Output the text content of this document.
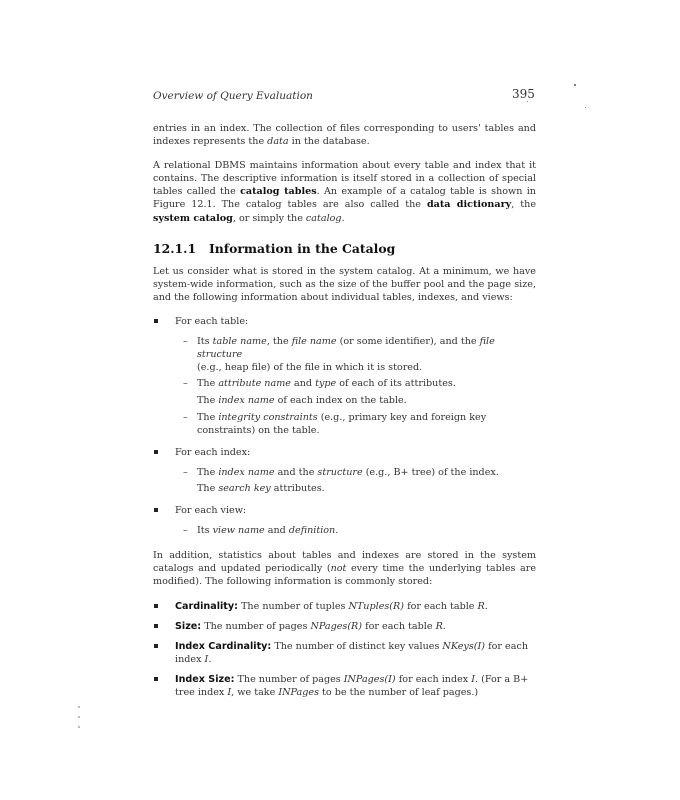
Overview of Query Evaluation	395

entries in an index. The collection of files corresponding to users' tables and indexes represents the data in the database.

A relational DBMS maintains information about every table and index that it contains. The descriptive information is itself stored in a collection of special tables called the catalog tables. An example of a catalog table is shown in Figure 12.1. The catalog tables are also called the data dictionary, the system catalog, or simply the catalog.

12.1.1 Information in the Catalog

Let us consider what is stored in the system catalog. At a minimum, we have system-wide information, such as the size of the buffer pool and the page size, and the following information about individual tables, indexes, and views:

For each table:
– Its table name, the file name (or some identifier), and the file structure
(e.g., heap file) of the file in which it is stored.
– The attribute name and type of each of its attributes.
The index name of each index on the table.
– The integrity constraints (e.g., primary key and foreign key constraints) on the table.
For each index:
– The index name and the structure (e.g., B+ tree) of the index.
The search key attributes.
For each view:
– Its view name and definition.

In addition, statistics about tables and indexes are stored in the system catalogs and updated periodically (not every time the underlying tables are modified). The following information is commonly stored:

Cardinality: The number of tuples NTuples(R) for each table R.
Size: The number of pages NPages(R) for each table R.
Index Cardinality: The number of distinct key values NKeys(I) for each index I.
Index Size: The number of pages INPages(I) for each index I. (For a B+ tree index I, we take INPages to be the number of leaf pages.)
